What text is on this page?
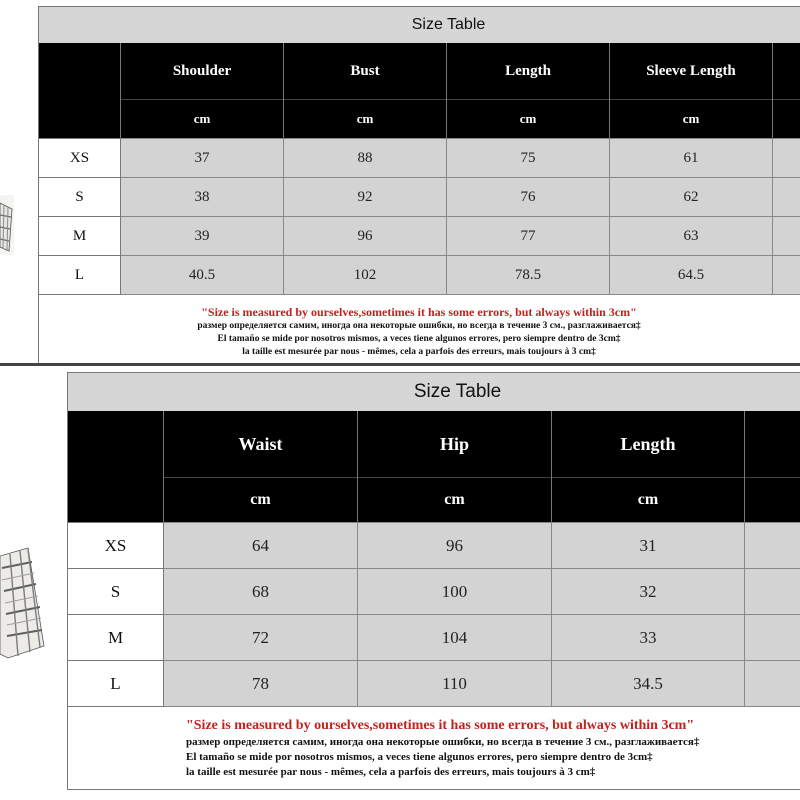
Size Table					
	Shoulder	Bust	Length	Sleeve Length	
	cm	cm	cm	cm	
XS	37	88	75	61	
S	38	92	76	62	
M	39	96	77	63	
L	40.5	102	78.5	64.5	

"Size is measured by ourselves,sometimes it has some errors, but always within 3cm"
размер определяется самим, иногда она некоторые ошибки, но всегда в течение 3 см., разглаживается‡
El tamaño se mide por nosotros mismos, a veces tiene algunos errores, pero siempre dentro de 3cm‡
la taille est mesurée par nous - mêmes, cela a parfois des erreurs, mais toujours à 3 cm‡					
Size Table				
	Waist	Hip	Length	
	cm	cm	cm	
XS	64	96	31	
S	68	100	32	
M	72	104	33	
L	78	110	34.5	

"Size is measured by ourselves,sometimes it has some errors, but always within 3cm"
размер определяется самим, иногда она некоторые ошибки, но всегда в течение 3 см., разглаживается‡
El tamaño se mide por nosotros mismos, a veces tiene algunos errores, pero siempre dentro de 3cm‡
la taille est mesurée par nous - mêmes, cela a parfois des erreurs, mais toujours à 3 cm‡				
